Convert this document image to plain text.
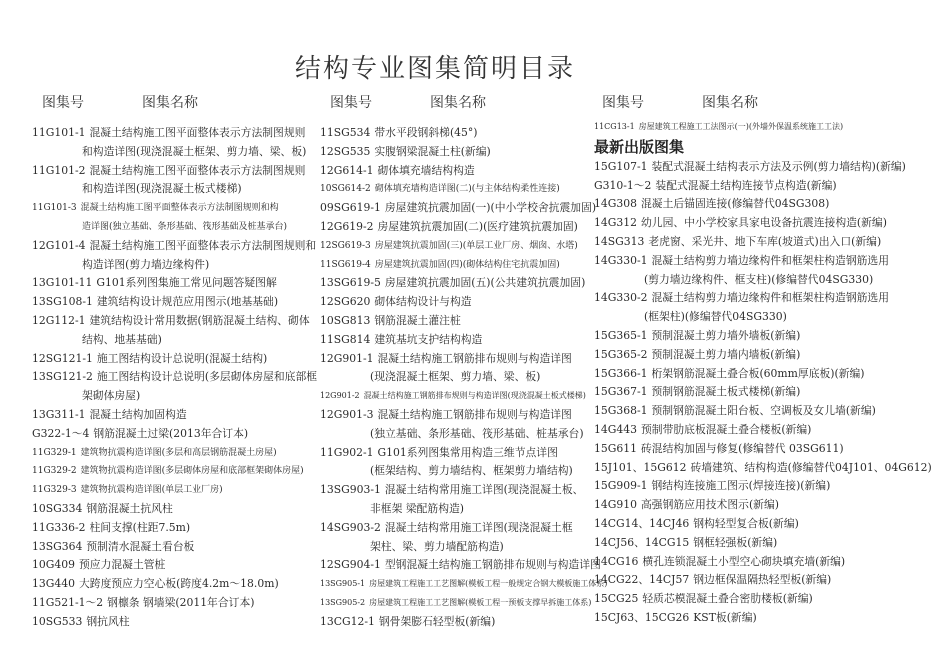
结构专业图集简明目录
图集号	图集名称	图集号	图集名称	图集号	图集名称
11G101-1 混凝土结构施工图平面整体表示方法制图规则
和构造详图(现浇混凝土框架、剪力墙、梁、板)
11G101-2 混凝土结构施工图平面整体表示方法制图规则
和构造详图(现浇混凝土板式楼梯)
11G101-3 混凝土结构施工图平面整体表示方法制图规则和构
造详图(独立基础、条形基础、筏形基础及桩基承台)
12G101-4 混凝土结构施工图平面整体表示方法制图规则和
构造详图(剪力墙边缘构件)
13G101-11 G101系列图集施工常见问题答疑图解
13SG108-1 建筑结构设计规范应用图示(地基基础)
12G112-1 建筑结构设计常用数据(钢筋混凝土结构、砌体
结构、地基基础)
12SG121-1 施工图结构设计总说明(混凝土结构)
13SG121-2 施工图结构设计总说明(多层砌体房屋和底部框
架砌体房屋)
13G311-1 混凝土结构加固构造
G322-1～4 钢筋混凝土过梁(2013年合订本)
11G329-1 建筑物抗震构造详图(多层和高层钢筋混凝土房屋)
11G329-2 建筑物抗震构造详图(多层砌体房屋和底部框架砌体房屋)
11G329-3 建筑物抗震构造详图(单层工业厂房)
10SG334 钢筋混凝土抗风柱
11G336-2 柱间支撑(柱距7.5m)
13SG364 预制清水混凝土看台板
10G409 预应力混凝土管桩
13G440 大跨度预应力空心板(跨度4.2m～18.0m)
11G521-1～2 钢檩条 钢墙梁(2011年合订本)
10SG533 钢抗风柱
11SG534 带水平段钢斜梯(45°)
12SG535 实腹钢梁混凝土柱(新编)
12G614-1 砌体填充墙结构构造
10SG614-2 砌体填充墙构造详图(二)(与主体结构柔性连接)
09SG619-1 房屋建筑抗震加固(一)(中小学校舍抗震加固)
12G619-2 房屋建筑抗震加固(二)(医疗建筑抗震加固)
12SG619-3 房屋建筑抗震加固(三)(单层工业厂房、烟囱、水塔)
11SG619-4 房屋建筑抗震加固(四)(砌体结构住宅抗震加固)
13SG619-5 房屋建筑抗震加固(五)(公共建筑抗震加固)
12SG620 砌体结构设计与构造
10SG813 钢筋混凝土灌注桩
11SG814 建筑基坑支护结构构造
12G901-1 混凝土结构施工钢筋排布规则与构造详图
(现浇混凝土框架、剪力墙、梁、板)
12G901-2 混凝土结构施工钢筋排布规则与构造详图(现浇混凝土板式楼梯)
12G901-3 混凝土结构施工钢筋排布规则与构造详图
(独立基础、条形基础、筏形基础、桩基承台)
11G902-1 G101系列图集常用构造三维节点详图
(框架结构、剪力墙结构、框架剪力墙结构)
13SG903-1 混凝土结构常用施工详图(现浇混凝土板、
非框架 梁配筋构造)
14SG903-2 混凝土结构常用施工详图(现浇混凝土框
架柱、梁、剪力墙配筋构造)
12SG904-1 型钢混凝土结构施工钢筋排布规则与构造详图
13SG905-1 房屋建筑工程施工工艺图解(模板工程一般规定合钢大模板施工体系)
13SG905-2 房屋建筑工程施工工艺图解(模板工程一预板支撑早拆施工体系)
13CG12-1 钢骨架膨石轻型板(新编)
11CG13-1 房屋建筑工程施工工法图示(一)(外墙外保温系统施工工法)
最新出版图集
15G107-1 装配式混凝土结构表示方法及示例(剪力墙结构)(新编)
G310-1～2 装配式混凝土结构连接节点构造(新编)
14G308 混凝土后锚固连接(修编替代04SG308)
14G312 幼儿园、中小学校家具家电设备抗震连接构造(新编)
14SG313 老虎窗、采光井、地下车库(坡道式)出入口(新编)
14G330-1 混凝土结构剪力墙边缘构件和框架柱构造钢筋选用
(剪力墙边缘构件、框支柱)(修编替代04SG330)
14G330-2 混凝土结构剪力墙边缘构件和框架柱构造钢筋选用
(框架柱)(修编替代04SG330)
15G365-1 预制混凝土剪力墙外墙板(新编)
15G365-2 预制混凝土剪力墙内墙板(新编)
15G366-1 桁架钢筋混凝土叠合板(60mm厚底板)(新编)
15G367-1 预制钢筋混凝土板式楼梯(新编)
15G368-1 预制钢筋混凝土阳台板、空调板及女儿墙(新编)
14G443 预制带肋底板混凝土叠合楼板(新编)
15G611 砖混结构加固与修复(修编替代 03SG611)
15J101、15G612 砖墙建筑、结构构造(修编替代04J101、04G612)
15G909-1 钢结构连接施工图示(焊接连接)(新编)
14G910 高强钢筋应用技术图示(新编)
14CG14、14CJ46 钢构轻型复合板(新编)
14CJ56、14CG15 钢框轻强板(新编)
14CG16 横孔连锁混凝土小型空心砌块填充墙(新编)
14CG22、14CJ57 钢边框保温隔热轻型板(新编)
15CG25 轻质芯模混凝土叠合密肋楼板(新编)
15CJ63、15CG26 KST板(新编)
